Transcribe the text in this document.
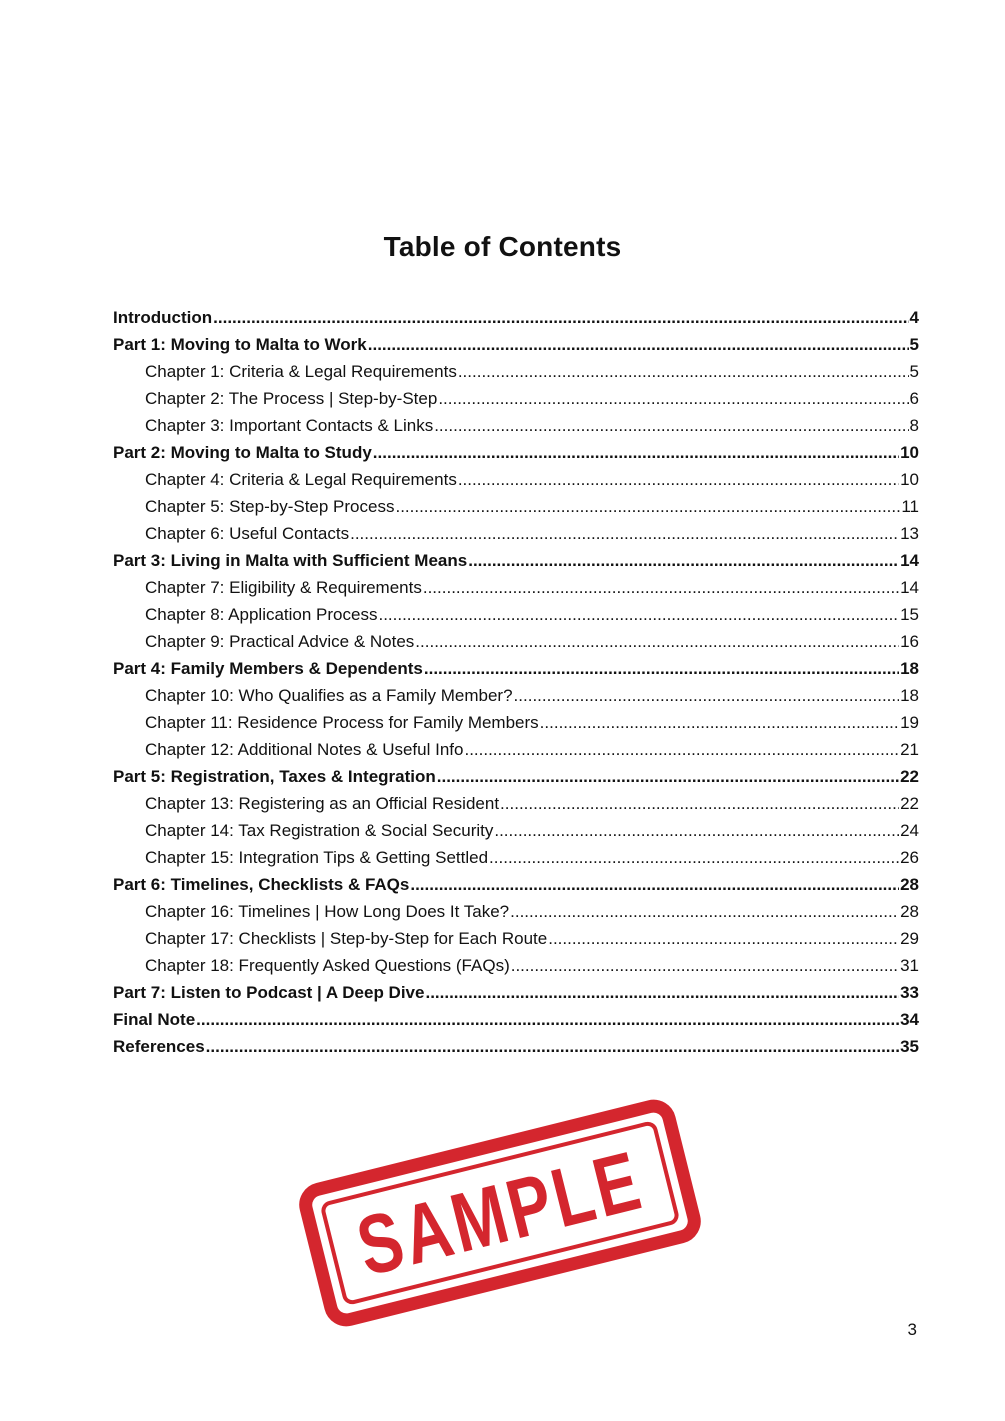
Table of Contents
Introduction .....	4
Part 1: Moving to Malta to Work .....	5
Chapter 1: Criteria & Legal Requirements .....	5
Chapter 2: The Process | Step-by-Step .....	6
Chapter 3: Important Contacts & Links .....	8
Part 2: Moving to Malta to Study .....	10
Chapter 4: Criteria & Legal Requirements .....	10
Chapter 5: Step-by-Step Process .....	11
Chapter 6: Useful Contacts .....	13
Part 3: Living in Malta with Sufficient Means .....	14
Chapter 7: Eligibility & Requirements .....	14
Chapter 8: Application Process .....	15
Chapter 9: Practical Advice & Notes .....	16
Part 4: Family Members & Dependents .....	18
Chapter 10: Who Qualifies as a Family Member? .....	18
Chapter 11: Residence Process for Family Members .....	19
Chapter 12: Additional Notes & Useful Info .....	21
Part 5: Registration, Taxes & Integration .....	22
Chapter 13: Registering as an Official Resident .....	22
Chapter 14: Tax Registration & Social Security .....	24
Chapter 15: Integration Tips & Getting Settled .....	26
Part 6: Timelines, Checklists & FAQs .....	28
Chapter 16: Timelines | How Long Does It Take? .....	28
Chapter 17: Checklists | Step-by-Step for Each Route .....	29
Chapter 18: Frequently Asked Questions (FAQs) .....	31
Part 7: Listen to Podcast | A Deep Dive .....	33
Final Note .....	34
References .....	35
SAMPLE
3
